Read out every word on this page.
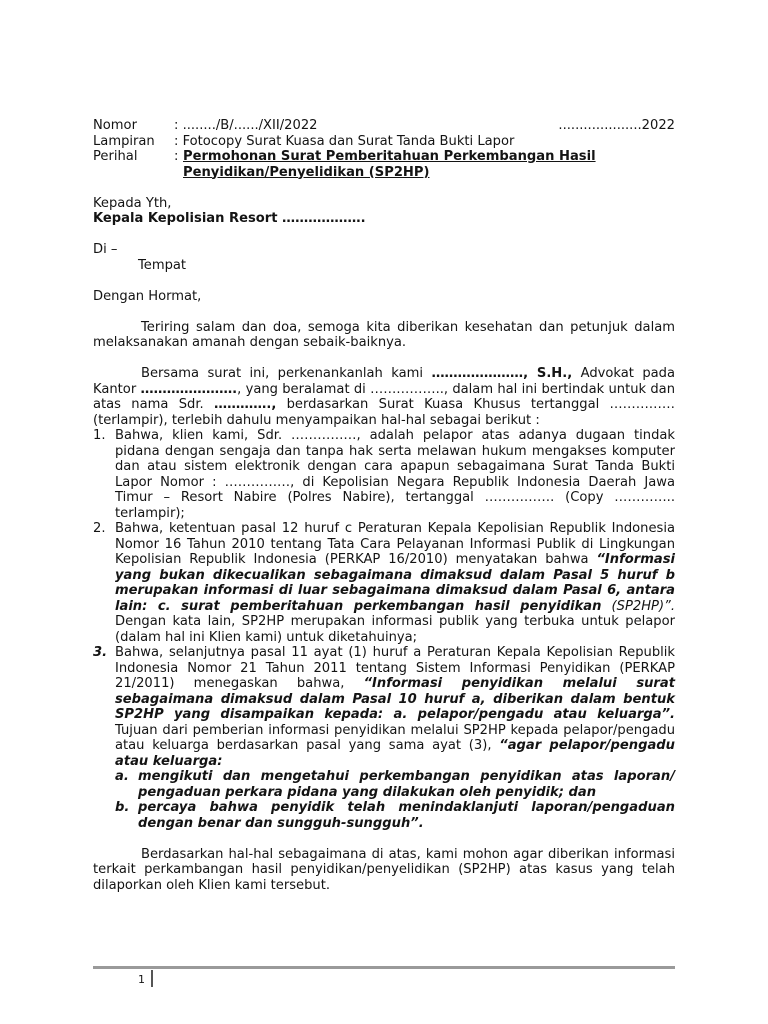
Nomor	: ......../B/....../XII/2022	....................2022
Lampiran	: Fotocopy Surat Kuasa dan Surat Tanda Bukti Lapor
Perihal	: Permohonan Surat Pemberitahuan Perkembangan Hasil
Penyidikan/Penyelidikan (SP2HP)
Kepada Yth,
Kepala Kepolisian Resort ……………….
Di –
Tempat
Dengan Hormat,
Teriring salam dan doa, semoga kita diberikan kesehatan dan petunjuk dalam melaksanakan amanah dengan sebaik-baiknya.
Bersama surat ini, perkenankanlah kami …………………, S.H., Advokat pada Kantor …………………., yang beralamat di …………….., dalam hal ini bertindak untuk dan atas nama Sdr. …………., berdasarkan Surat Kuasa Khusus tertanggal …………… (terlampir), terlebih dahulu menyampaikan hal-hal sebagai berikut :
1. Bahwa, klien kami, Sdr. ……………, adalah pelapor atas adanya dugaan tindak pidana dengan sengaja dan tanpa hak serta melawan hukum mengakses komputer dan atau sistem elektronik dengan cara apapun sebagaimana Surat Tanda Bukti Lapor Nomor : ……………, di Kepolisian Negara Republik Indonesia Daerah Jawa Timur – Resort Nabire (Polres Nabire), tertanggal ……………. (Copy ………….. terlampir);
2. Bahwa, ketentuan pasal 12 huruf c Peraturan Kepala Kepolisian Republik Indonesia Nomor 16 Tahun 2010 tentang Tata Cara Pelayanan Informasi Publik di Lingkungan Kepolisian Republik Indonesia (PERKAP 16/2010) menyatakan bahwa “Informasi yang bukan dikecualikan sebagaimana dimaksud dalam Pasal 5 huruf b merupakan informasi di luar sebagaimana dimaksud dalam Pasal 6, antara lain: c. surat pemberitahuan perkembangan hasil penyidikan (SP2HP)”. Dengan kata lain, SP2HP merupakan informasi publik yang terbuka untuk pelapor (dalam hal ini Klien kami) untuk diketahuinya;
3. Bahwa, selanjutnya pasal 11 ayat (1) huruf a Peraturan Kepala Kepolisian Republik Indonesia Nomor 21 Tahun 2011 tentang Sistem Informasi Penyidikan (PERKAP 21/2011) menegaskan bahwa, “Informasi penyidikan melalui surat sebagaimana dimaksud dalam Pasal 10 huruf a, diberikan dalam bentuk SP2HP yang disampaikan kepada: a. pelapor/pengadu atau keluarga”. Tujuan dari pemberian informasi penyidikan melalui SP2HP kepada pelapor/pengadu atau keluarga berdasarkan pasal yang sama ayat (3), “agar pelapor/pengadu atau keluarga:
a. mengikuti dan mengetahui perkembangan penyidikan atas laporan/ pengaduan perkara pidana yang dilakukan oleh penyidik; dan
b. percaya bahwa penyidik telah menindaklanjuti laporan/pengaduan dengan benar dan sungguh-sungguh”.
Berdasarkan hal-hal sebagaimana di atas, kami mohon agar diberikan informasi terkait perkambangan hasil penyidikan/penyelidikan (SP2HP) atas kasus yang telah dilaporkan oleh Klien kami tersebut.
1
